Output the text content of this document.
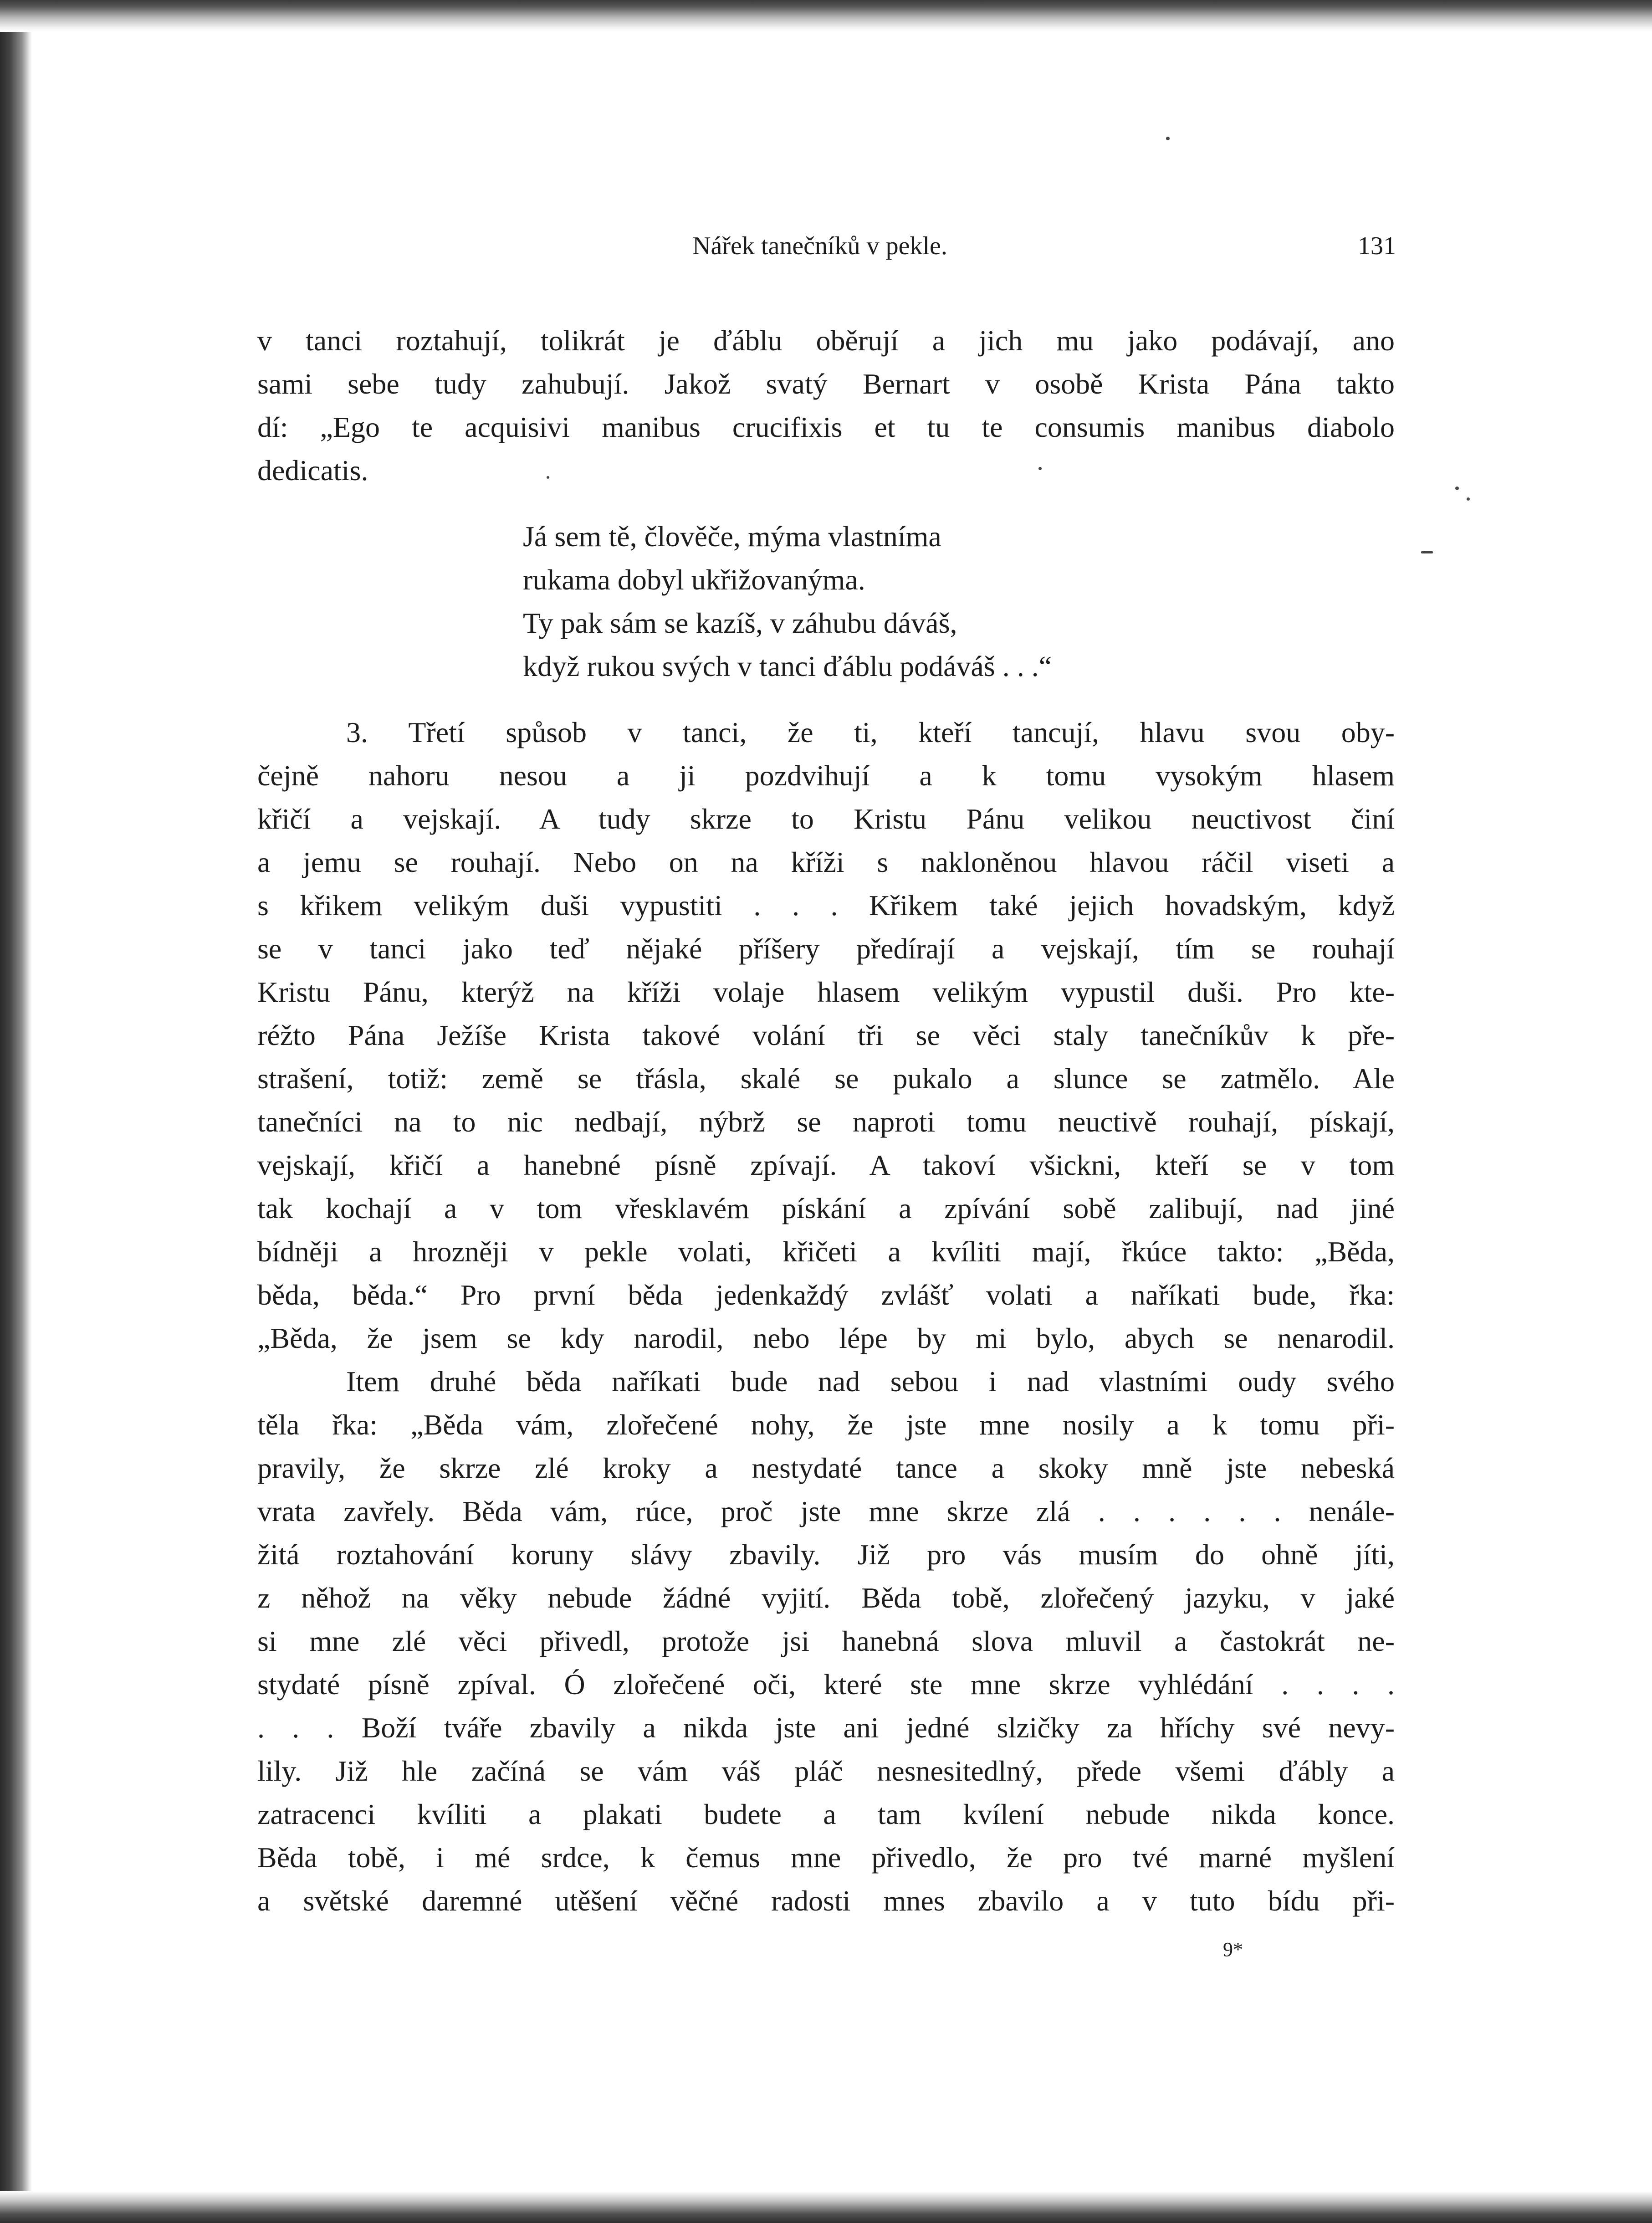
Nářek tanečníků v pekle.	131
v tanci roztahují, tolikrát je ďáblu oběrují a jich mu jako podávají, ano
sami sebe tudy zahubují. Jakož svatý Bernart v osobě Krista Pána takto
dí: „Ego te acquisivi manibus crucifixis et tu te consumis manibus diabolo
dedicatis.
Já sem tě, člověče, mýma vlastníma
rukama dobyl ukřižovanýma.
Ty pak sám se kazíš, v záhubu dáváš,
když rukou svých v tanci ďáblu podáváš . . .“
3. Třetí spůsob v tanci, že ti, kteří tancují, hlavu svou oby-
čejně nahoru nesou a ji pozdvihují a k tomu vysokým hlasem
křičí a vejskají. A tudy skrze to Kristu Pánu velikou neuctivost činí
a jemu se rouhají. Nebo on na kříži s nakloněnou hlavou ráčil viseti a
s křikem velikým duši vypustiti . . . Křikem také jejich hovadským, když
se v tanci jako teď nějaké příšery předírají a vejskají, tím se rouhají
Kristu Pánu, kterýž na kříži volaje hlasem velikým vypustil duši. Pro kte-
réžto Pána Ježíše Krista takové volání tři se věci staly tanečníkův k pře-
strašení, totiž: země se třásla, skalé se pukalo a slunce se zatmělo. Ale
tanečníci na to nic nedbají, nýbrž se naproti tomu neuctivě rouhají, pískají,
vejskají, křičí a hanebné písně zpívají. A takoví všickni, kteří se v tom
tak kochají a v tom vřesklavém pískání a zpívání sobě zalibují, nad jiné
bídněji a hrozněji v pekle volati, křičeti a kvíliti mají, řkúce takto: „Běda,
běda, běda.“ Pro první běda jedenkaždý zvlášť volati a naříkati bude, řka:
„Běda, že jsem se kdy narodil, nebo lépe by mi bylo, abych se nenarodil.
Item druhé běda naříkati bude nad sebou i nad vlastními oudy svého
těla řka: „Běda vám, zlořečené nohy, že jste mne nosily a k tomu při-
pravily, že skrze zlé kroky a nestydaté tance a skoky mně jste nebeská
vrata zavřely. Běda vám, rúce, proč jste mne skrze zlá . . . . . . nenále-
žitá roztahování koruny slávy zbavily. Již pro vás musím do ohně jíti,
z něhož na věky nebude žádné vyjití. Běda tobě, zlořečený jazyku, v jaké
si mne zlé věci přivedl, protože jsi hanebná slova mluvil a častokrát ne-
stydaté písně zpíval. Ó zlořečené oči, které ste mne skrze vyhlédání . . . .
. . . Boží tváře zbavily a nikda jste ani jedné slzičky za hříchy své nevy-
lily. Již hle začíná se vám váš pláč nesnesitedlný, přede všemi ďábly a
zatracenci kvíliti a plakati budete a tam kvílení nebude nikda konce.
Běda tobě, i mé srdce, k čemus mne přivedlo, že pro tvé marné myšlení
a světské daremné utěšení věčné radosti mnes zbavilo a v tuto bídu při-
9*
